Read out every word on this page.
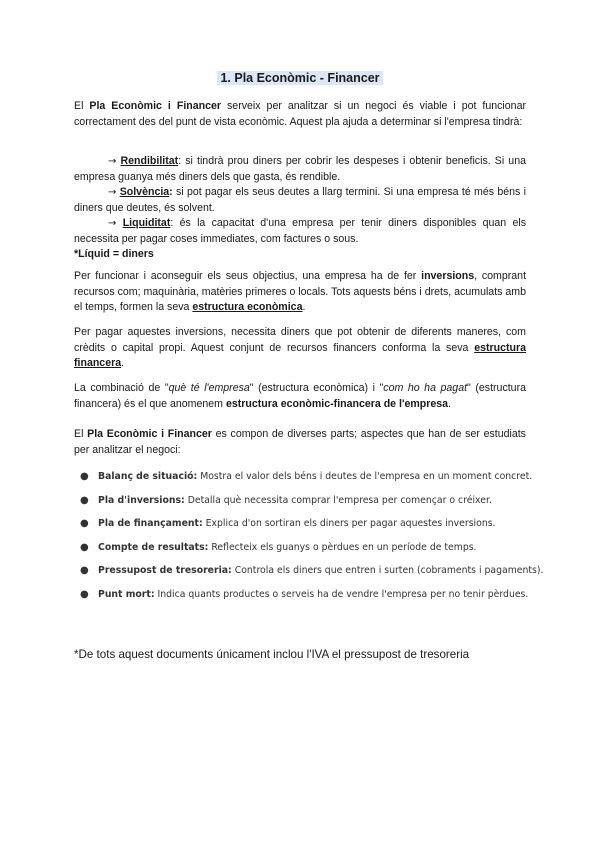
1. Pla Econòmic - Financer

El Pla Econòmic i Financer serveix per analitzar si un negoci és viable i pot funcionar correctament des del punt de vista econòmic. Aquest pla ajuda a determinar si l'empresa tindrà:

→ Rendibilitat: si tindrà prou diners per cobrir les despeses i obtenir beneficis. Si una empresa guanya més diners dels que gasta, és rendible.

→ Solvència: si pot pagar els seus deutes a llarg termini. Si una empresa té més béns i diners que deutes, és solvent.

→ Liquiditat: és la capacitat d'una empresa per tenir diners disponibles quan els necessita per pagar coses immediates, com factures o sous.

*Líquid = diners

Per funcionar i aconseguir els seus objectius, una empresa ha de fer inversions, comprant recursos com; maquinària, matèries primeres o locals. Tots aquests béns i drets, acumulats amb el temps, formen la seva estructura econòmica.

Per pagar aquestes inversions, necessita diners que pot obtenir de diferents maneres, com crèdits o capital propi. Aquest conjunt de recursos financers conforma la seva estructura financera.

La combinació de "què té l'empresa" (estructura econòmica) i "com ho ha pagat" (estructura financera) és el que anomenem estructura econòmic-financera de l'empresa.

El Pla Econòmic i Financer es compon de diverses parts; aspectes que han de ser estudiats per analitzar el negoci:

● Balanç de situació: Mostra el valor dels béns i deutes de l'empresa en un moment concret.
● Pla d'inversions: Detalla què necessita comprar l'empresa per començar o créixer.
● Pla de finançament: Explica d'on sortiran els diners per pagar aquestes inversions.
● Compte de resultats: Reflecteix els guanys o pèrdues en un període de temps.
● Pressupost de tresoreria: Controla els diners que entren i surten (cobraments i pagaments).
● Punt mort: Indica quants productes o serveis ha de vendre l'empresa per no tenir pèrdues.
*De tots aquest documents únicament inclou l'IVA el pressupost de tresoreria
